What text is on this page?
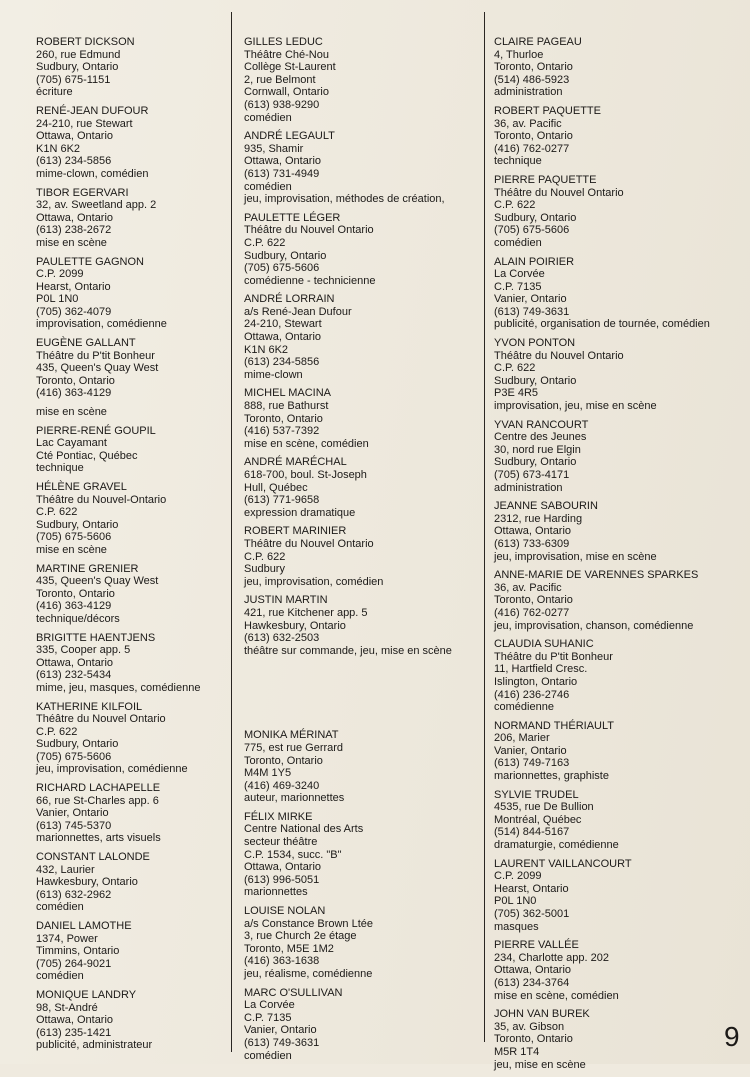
ROBERT DICKSON
260, rue Edmund
Sudbury, Ontario
(705) 675-1151
écriture
RENÉ-JEAN DUFOUR
24-210, rue Stewart
Ottawa, Ontario
K1N 6K2
(613) 234-5856
mime-clown, comédien
TIBOR EGERVARI
32, av. Sweetland app. 2
Ottawa, Ontario
(613) 238-2672
mise en scène
PAULETTE GAGNON
C.P. 2099
Hearst, Ontario
P0L 1N0
(705) 362-4079
improvisation, comédienne
EUGÈNE GALLANT
Théâtre du P'tit Bonheur
435, Queen's Quay West
Toronto, Ontario
(416) 363-4129
mise en scène
PIERRE-RENÉ GOUPIL
Lac Cayamant
Cté Pontiac, Québec
technique
HÉLÈNE GRAVEL
Théâtre du Nouvel-Ontario
C.P. 622
Sudbury, Ontario
(705) 675-5606
mise en scène
MARTINE GRENIER
435, Queen's Quay West
Toronto, Ontario
(416) 363-4129
technique/décors
BRIGITTE HAENTJENS
335, Cooper app. 5
Ottawa, Ontario
(613) 232-5434
mime, jeu, masques, comédienne
KATHERINE KILFOIL
Théâtre du Nouvel Ontario
C.P. 622
Sudbury, Ontario
(705) 675-5606
jeu, improvisation, comédienne
RICHARD LACHAPELLE
66, rue St-Charles app. 6
Vanier, Ontario
(613) 745-5370
marionnettes, arts visuels
CONSTANT LALONDE
432, Laurier
Hawkesbury, Ontario
(613) 632-2962
comédien
DANIEL LAMOTHE
1374, Power
Timmins, Ontario
(705) 264-9021
comédien
MONIQUE LANDRY
98, St-André
Ottawa, Ontario
(613) 235-1421
publicité, administrateur
GILLES LEDUC
Théâtre Ché-Nou
Collège St-Laurent
2, rue Belmont
Cornwall, Ontario
(613) 938-9290
comédien
ANDRÉ LEGAULT
935, Shamir
Ottawa, Ontario
(613) 731-4949
comédien
jeu, improvisation, méthodes de création,
PAULETTE LÉGER
Théâtre du Nouvel Ontario
C.P. 622
Sudbury, Ontario
(705) 675-5606
comédienne - technicienne
ANDRÉ LORRAIN
a/s René-Jean Dufour
24-210, Stewart
Ottawa, Ontario
K1N 6K2
(613) 234-5856
mime-clown
MICHEL MACINA
888, rue Bathurst
Toronto, Ontario
(416) 537-7392
mise en scène, comédien
ANDRÉ MARÉCHAL
618-700, boul. St-Joseph
Hull, Québec
(613) 771-9658
expression dramatique
ROBERT MARINIER
Théâtre du Nouvel Ontario
C.P. 622
Sudbury
jeu, improvisation, comédien
JUSTIN MARTIN
421, rue Kitchener app. 5
Hawkesbury, Ontario
(613) 632-2503
théâtre sur commande, jeu, mise en scène
MONIKA MÉRINAT
775, est rue Gerrard
Toronto, Ontario
M4M 1Y5
(416) 469-3240
auteur, marionnettes
FÉLIX MIRKE
Centre National des Arts
secteur théâtre
C.P. 1534, succ. "B"
Ottawa, Ontario
(613) 996-5051
marionnettes
LOUISE NOLAN
a/s Constance Brown Ltée
3, rue Church 2e étage
Toronto, M5E 1M2
(416) 363-1638
jeu, réalisme, comédienne
MARC O'SULLIVAN
La Corvée
C.P. 7135
Vanier, Ontario
(613) 749-3631
comédien
CLAIRE PAGEAU
4, Thurloe
Toronto, Ontario
(514) 486-5923
administration
ROBERT PAQUETTE
36, av. Pacific
Toronto, Ontario
(416) 762-0277
technique
PIERRE PAQUETTE
Théâtre du Nouvel Ontario
C.P. 622
Sudbury, Ontario
(705) 675-5606
comédien
ALAIN POIRIER
La Corvée
C.P. 7135
Vanier, Ontario
(613) 749-3631
publicité, organisation de tournée, comédien
YVON PONTON
Théâtre du Nouvel Ontario
C.P. 622
Sudbury, Ontario
P3E 4R5
improvisation, jeu, mise en scène
YVAN RANCOURT
Centre des Jeunes
30, nord rue Elgin
Sudbury, Ontario
(705) 673-4171
administration
JEANNE SABOURIN
2312, rue Harding
Ottawa, Ontario
(613) 733-6309
jeu, improvisation, mise en scène
ANNE-MARIE DE VARENNES SPARKES
36, av. Pacific
Toronto, Ontario
(416) 762-0277
jeu, improvisation, chanson, comédienne
CLAUDIA SUHANIC
Théâtre du P'tit Bonheur
11, Hartfield Cresc.
Islington, Ontario
(416) 236-2746
comédienne
NORMAND THÉRIAULT
206, Marier
Vanier, Ontario
(613) 749-7163
marionnettes, graphiste
SYLVIE TRUDEL
4535, rue De Bullion
Montréal, Québec
(514) 844-5167
dramaturgie, comédienne
LAURENT VAILLANCOURT
C.P. 2099
Hearst, Ontario
P0L 1N0
(705) 362-5001
masques
PIERRE VALLÉE
234, Charlotte app. 202
Ottawa, Ontario
(613) 234-3764
mise en scène, comédien
JOHN VAN BUREK
35, av. Gibson
Toronto, Ontario
M5R 1T4
jeu, mise en scène
9
